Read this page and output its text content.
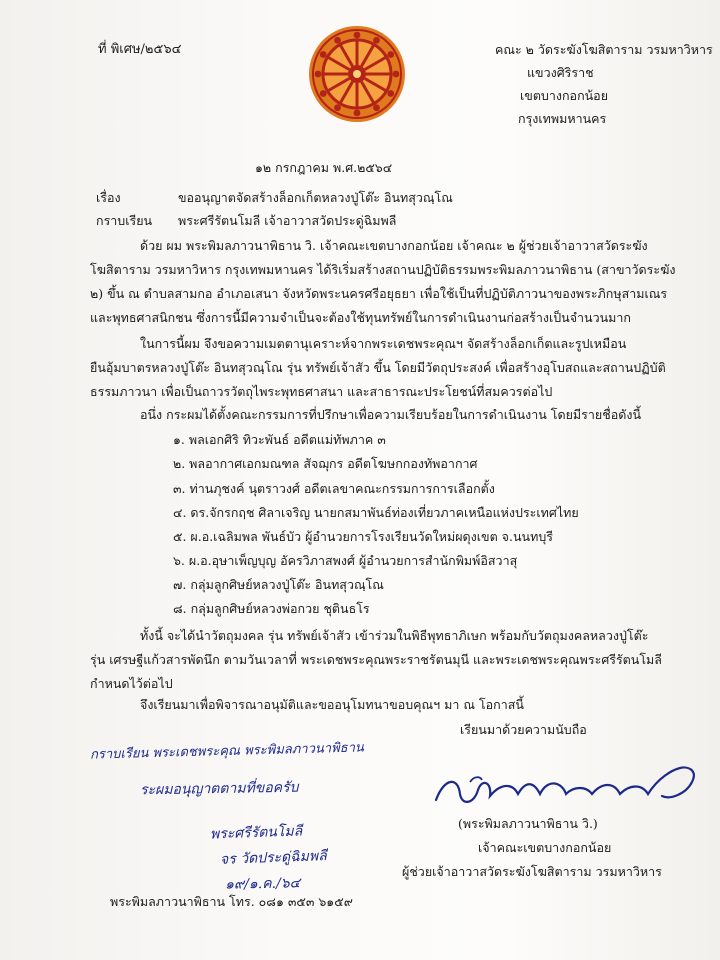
ที่ พิเศษ/๒๕๖๔	คณะ ๒ วัดระฆังโฆสิตาราม วรมหาวิหาร
แขวงศิริราช
เขตบางกอกน้อย
กรุงเทพมหานคร
๑๒ กรกฎาคม พ.ศ.๒๕๖๔
เรื่อง	ขออนุญาตจัดสร้างล็อกเก็ตหลวงปู่โต๊ะ อินทสุวณฺโณ
กราบเรียน พระศรีรัตนโมลี เจ้าอาวาสวัดประดู่ฉิมพลี
ด้วย ผม พระพิมลภาวนาพิธาน วิ. เจ้าคณะเขตบางกอกน้อย เจ้าคณะ ๒ ผู้ช่วยเจ้าอาวาสวัดระฆัง
โฆสิตาราม วรมหาวิหาร กรุงเทพมหานคร ได้ริเริ่มสร้างสถานปฏิบัติธรรมพระพิมลภาวนาพิธาน (สาขาวัดระฆัง
๒) ขึ้น ณ ตำบลสามกอ อำเภอเสนา จังหวัดพระนครศรีอยุธยา เพื่อใช้เป็นที่ปฏิบัติภาวนาของพระภิกษุสามเณร
และพุทธศาสนิกชน ซึ่งการนี้มีความจำเป็นจะต้องใช้ทุนทรัพย์ในการดำเนินงานก่อสร้างเป็นจำนวนมาก
ในการนี้ผม จึงขอความเมตตานุเคราะห์จากพระเดชพระคุณฯ จัดสร้างล็อกเก็ตและรูปเหมือน
ยืนอุ้มบาตรหลวงปู่โต๊ะ อินทสุวณฺโณ รุ่น ทรัพย์เจ้าสัว ขึ้น โดยมีวัตถุประสงค์ เพื่อสร้างอุโบสถและสถานปฏิบัติ
ธรรมภาวนา เพื่อเป็นถาวรวัตถุไพระพุทธศาสนา และสาธารณะประโยชน์ที่สมควรต่อไป
อนึ่ง กระผมได้ตั้งคณะกรรมการที่ปรึกษาเพื่อความเรียบร้อยในการดำเนินงาน โดยมีรายชื่อดังนี้
๑. พลเอกศิริ ทิวะพันธ์ อดีตแม่ทัพภาค ๓
๒. พลอากาศเอกมณฑล สัจฌุกร อดีตโฆษกกองทัพอากาศ
๓. ท่านภุชงค์ นุตราวงศ์ อดีตเลขาคณะกรรมการการเลือกตั้ง
๔. ดร.จักรกฤช ศิลาเจริญ นายกสมาพันธ์ท่องเที่ยวภาคเหนือแห่งประเทศไทย
๕. ผ.อ.เฉลิมพล พันธ์บัว ผู้อำนวยการโรงเรียนวัดใหม่ผดุงเขต จ.นนทบุรี
๖. ผ.อ.อุษาเพ็ญบุญ อัครวิภาสพงศ์ ผู้อำนวยการสำนักพิมพ์อิสวาสุ
๗. กลุ่มลูกศิษย์หลวงปู่โต๊ะ อินทสุวณฺโณ
๘. กลุ่มลูกศิษย์หลวงพ่อกวย ชุตินธโร
ทั้งนี้ จะได้นำวัตถุมงคล รุ่น ทรัพย์เจ้าสัว เข้าร่วมในพิธีพุทธาภิเษก พร้อมกับวัตถุมงคลหลวงปู่โต๊ะ
รุ่น เศรษฐีแก้วสารพัดนึก ตามวันเวลาที่ พระเดชพระคุณพระราชรัตนมุนี และพระเดชพระคุณพระศรีรัตนโมลี
กำหนดไว้ต่อไป
จึงเรียนมาเพื่อพิจารณาอนุมัติและขออนุโมทนาขอบคุณฯ มา ณ โอกาสนี้
เรียนมาด้วยความนับถือ
กราบเรียน พระเดชพระคุณ พระพิมลภาวนาพิธาน
ระผมอนุญาตตามที่ขอครับ
พระศรีรัตนโมลี
จร วัดประดู่ฉิมพลี
๑๙/๑.ค./๖๔
(พระพิมลภาวนาพิธาน วิ.)
เจ้าคณะเขตบางกอกน้อย
ผู้ช่วยเจ้าอาวาสวัดระฆังโฆสิตาราม วรมหาวิหาร
พระพิมลภาวนาพิธาน โทร. ๐๘๑ ๓๕๓ ๖๑๕๙
